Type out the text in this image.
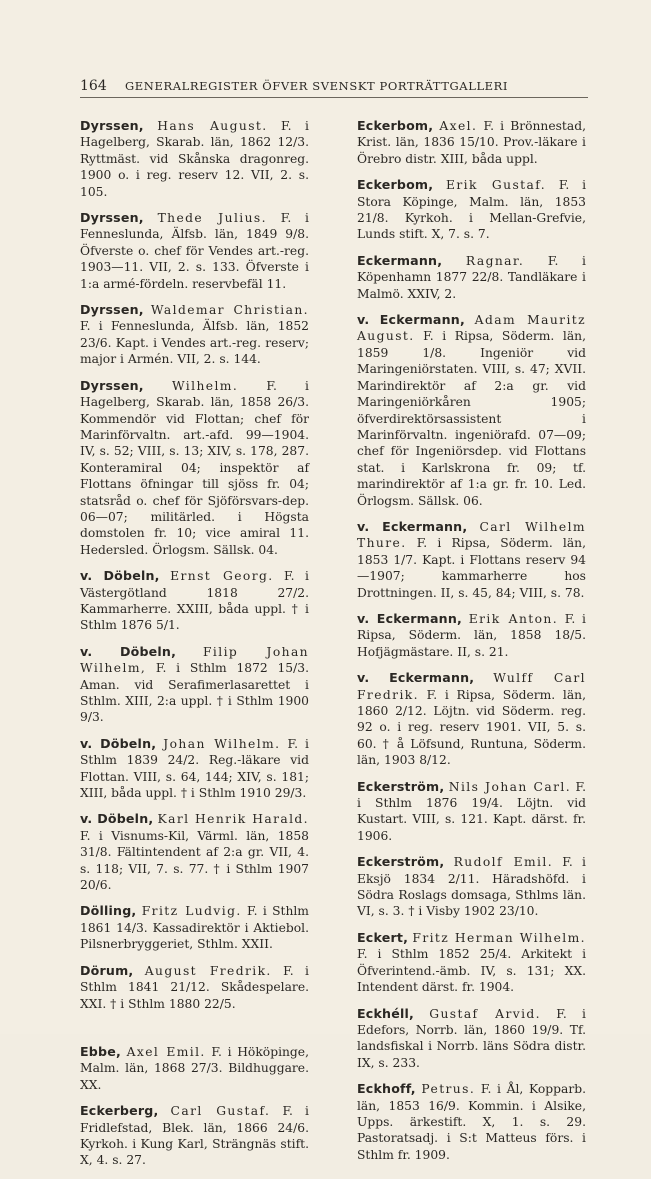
164 GENERALREGISTER ÖFVER SVENSKT PORTRÄTTGALLERI

Dyrssen, Hans August. F. i Hagelberg, Skarab. län, 1862 12/3. Ryttmäst. vid Skånska dragonreg. 1900 o. i reg. reserv 12. VII, 2. s. 105.

Dyrssen, Thede Julius. F. i Fenneslunda, Älfsb. län, 1849 9/8. Öfverste o. chef för Vendes art.-reg. 1903—11. VII, 2. s. 133. Öfverste i 1:a armé-fördeln. reservbefäl 11.

Dyrssen, Waldemar Christian. F. i Fenneslunda, Älfsb. län, 1852 23/6. Kapt. i Vendes art.-reg. reserv; major i Armén. VII, 2. s. 144.

Dyrssen, Wilhelm. F. i Hagelberg, Skarab. län, 1858 26/3. Kommendör vid Flottan; chef för Marinförvaltn. art.-afd. 99—1904. IV, s. 52; VIII, s. 13; XIV, s. 178, 287. Konteramiral 04; inspektör af Flottans öfningar till sjöss fr. 04; statsråd o. chef för Sjöförsvars-dep. 06—07; militärled. i Högsta domstolen fr. 10; vice amiral 11. Hedersled. Örlogsm. Sällsk. 04.

v. Döbeln, Ernst Georg. F. i Västergötland 1818 27/2. Kammarherre. XXIII, båda uppl. † i Sthlm 1876 5/1.

v. Döbeln, Filip Johan Wilhelm, F. i Sthlm 1872 15/3. Aman. vid Serafimerlasarettet i Sthlm. XIII, 2:a uppl. † i Sthlm 1900 9/3.

v. Döbeln, Johan Wilhelm. F. i Sthlm 1839 24/2. Reg.-läkare vid Flottan. VIII, s. 64, 144; XIV, s. 181; XIII, båda uppl. † i Sthlm 1910 29/3.

v. Döbeln, Karl Henrik Harald. F. i Visnums-Kil, Värml. län, 1858 31/8. Fältintendent af 2:a gr. VII, 4. s. 118; VII, 7. s. 77. † i Sthlm 1907 20/6.

Dölling, Fritz Ludvig. F. i Sthlm 1861 14/3. Kassadirektör i Aktiebol. Pilsnerbryggeriet, Sthlm. XXII.

Dörum, August Fredrik. F. i Sthlm 1841 21/12. Skådespelare. XXI. † i Sthlm 1880 22/5.

Ebbe, Axel Emil. F. i Hököpinge, Malm. län, 1868 27/3. Bildhuggare. XX.

Eckerberg, Carl Gustaf. F. i Fridlefstad, Blek. län, 1866 24/6. Kyrkoh. i Kung Karl, Strängnäs stift. X, 4. s. 27.

Eckerbom, Axel. F. i Brönnestad, Krist. län, 1836 15/10. Prov.-läkare i Örebro distr. XIII, båda uppl.

Eckerbom, Erik Gustaf. F. i Stora Köpinge, Malm. län, 1853 21/8. Kyrkoh. i Mellan-Grefvie, Lunds stift. X, 7. s. 7.

Eckermann, Ragnar. F. i Köpenhamn 1877 22/8. Tandläkare i Malmö. XXIV, 2.

v. Eckermann, Adam Mauritz August. F. i Ripsa, Söderm. län, 1859 1/8. Ingeniör vid Maringeniörstaten. VIII, s. 47; XVII. Marindirektör af 2:a gr. vid Maringeniörkåren 1905; öfverdirektörsassistent i Marinförvaltn. ingeniörafd. 07—09; chef för Ingeniörsdep. vid Flottans stat. i Karlskrona fr. 09; tf. marindirektör af 1:a gr. fr. 10. Led. Örlogsm. Sällsk. 06.

v. Eckermann, Carl Wilhelm Thure. F. i Ripsa, Söderm. län, 1853 1/7. Kapt. i Flottans reserv 94—1907; kammarherre hos Drottningen. II, s. 45, 84; VIII, s. 78.

v. Eckermann, Erik Anton. F. i Ripsa, Söderm. län, 1858 18/5. Hofjägmästare. II, s. 21.

v. Eckermann, Wulff Carl Fredrik. F. i Ripsa, Söderm. län, 1860 2/12. Löjtn. vid Söderm. reg. 92 o. i reg. reserv 1901. VII, 5. s. 60. † å Löfsund, Runtuna, Söderm. län, 1903 8/12.

Eckerström, Nils Johan Carl. F. i Sthlm 1876 19/4. Löjtn. vid Kustart. VIII, s. 121. Kapt. därst. fr. 1906.

Eckerström, Rudolf Emil. F. i Eksjö 1834 2/11. Häradshöfd. i Södra Roslags domsaga, Sthlms län. VI, s. 3. † i Visby 1902 23/10.

Eckert, Fritz Herman Wilhelm. F. i Sthlm 1852 25/4. Arkitekt i Öfverintend.-ämb. IV, s. 131; XX. Intendent därst. fr. 1904.

Eckhéll, Gustaf Arvid. F. i Edefors, Norrb. län, 1860 19/9. Tf. landsfiskal i Norrb. läns Södra distr. IX, s. 233.

Eckhoff, Petrus. F. i Ål, Kopparb. län, 1853 16/9. Kommin. i Alsike, Upps. ärkestift. X, 1. s. 29. Pastoratsadj. i S:t Matteus förs. i Sthlm fr. 1909.
